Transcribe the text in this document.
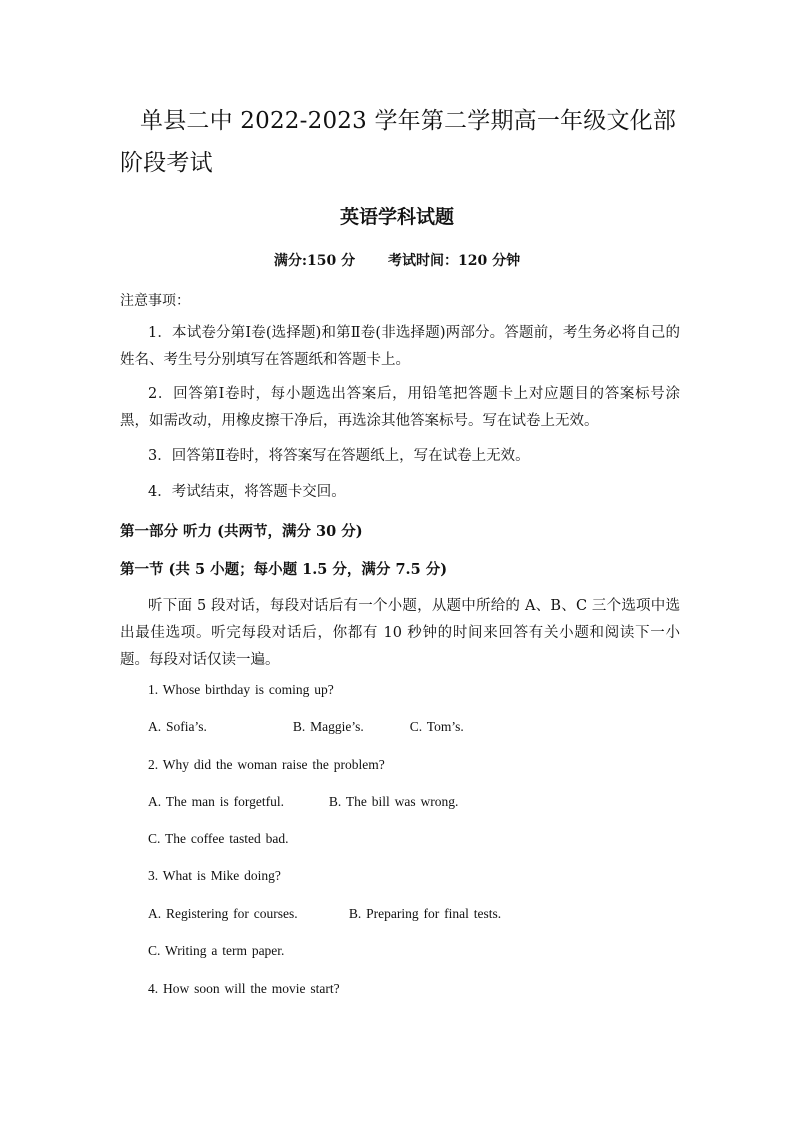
单县二中 2022-2023 学年第二学期高一年级文化部阶段考试
英语学科试题
满分:150 分 考试时间：120 分钟
注意事项：
1．本试卷分第Ⅰ卷(选择题)和第Ⅱ卷(非选择题)两部分。答题前，考生务必将自己的姓名、考生号分别填写在答题纸和答题卡上。
2．回答第Ⅰ卷时，每小题选出答案后，用铅笔把答题卡上对应题目的答案标号涂黑，如需改动，用橡皮擦干净后，再选涂其他答案标号。写在试卷上无效。
3．回答第Ⅱ卷时，将答案写在答题纸上，写在试卷上无效。
4．考试结束，将答题卡交回。
第一部分 听力 (共两节，满分 30 分)
第一节 (共 5 小题；每小题 1.5 分，满分 7.5 分)
听下面 5 段对话，每段对话后有一个小题，从题中所给的 A、B、C 三个选项中选出最佳选项。听完每段对话后，你都有 10 秒钟的时间来回答有关小题和阅读下一小题。每段对话仅读一遍。
1. Whose birthday is coming up?
A. Sofia’s.	B. Maggie’s.	C. Tom’s.
2. Why did the woman raise the problem?
A. The man is forgetful.	B. The bill was wrong.
C. The coffee tasted bad.
3. What is Mike doing?
A. Registering for courses.	B. Preparing for final tests.
C. Writing a term paper.
4. How soon will the movie start?
